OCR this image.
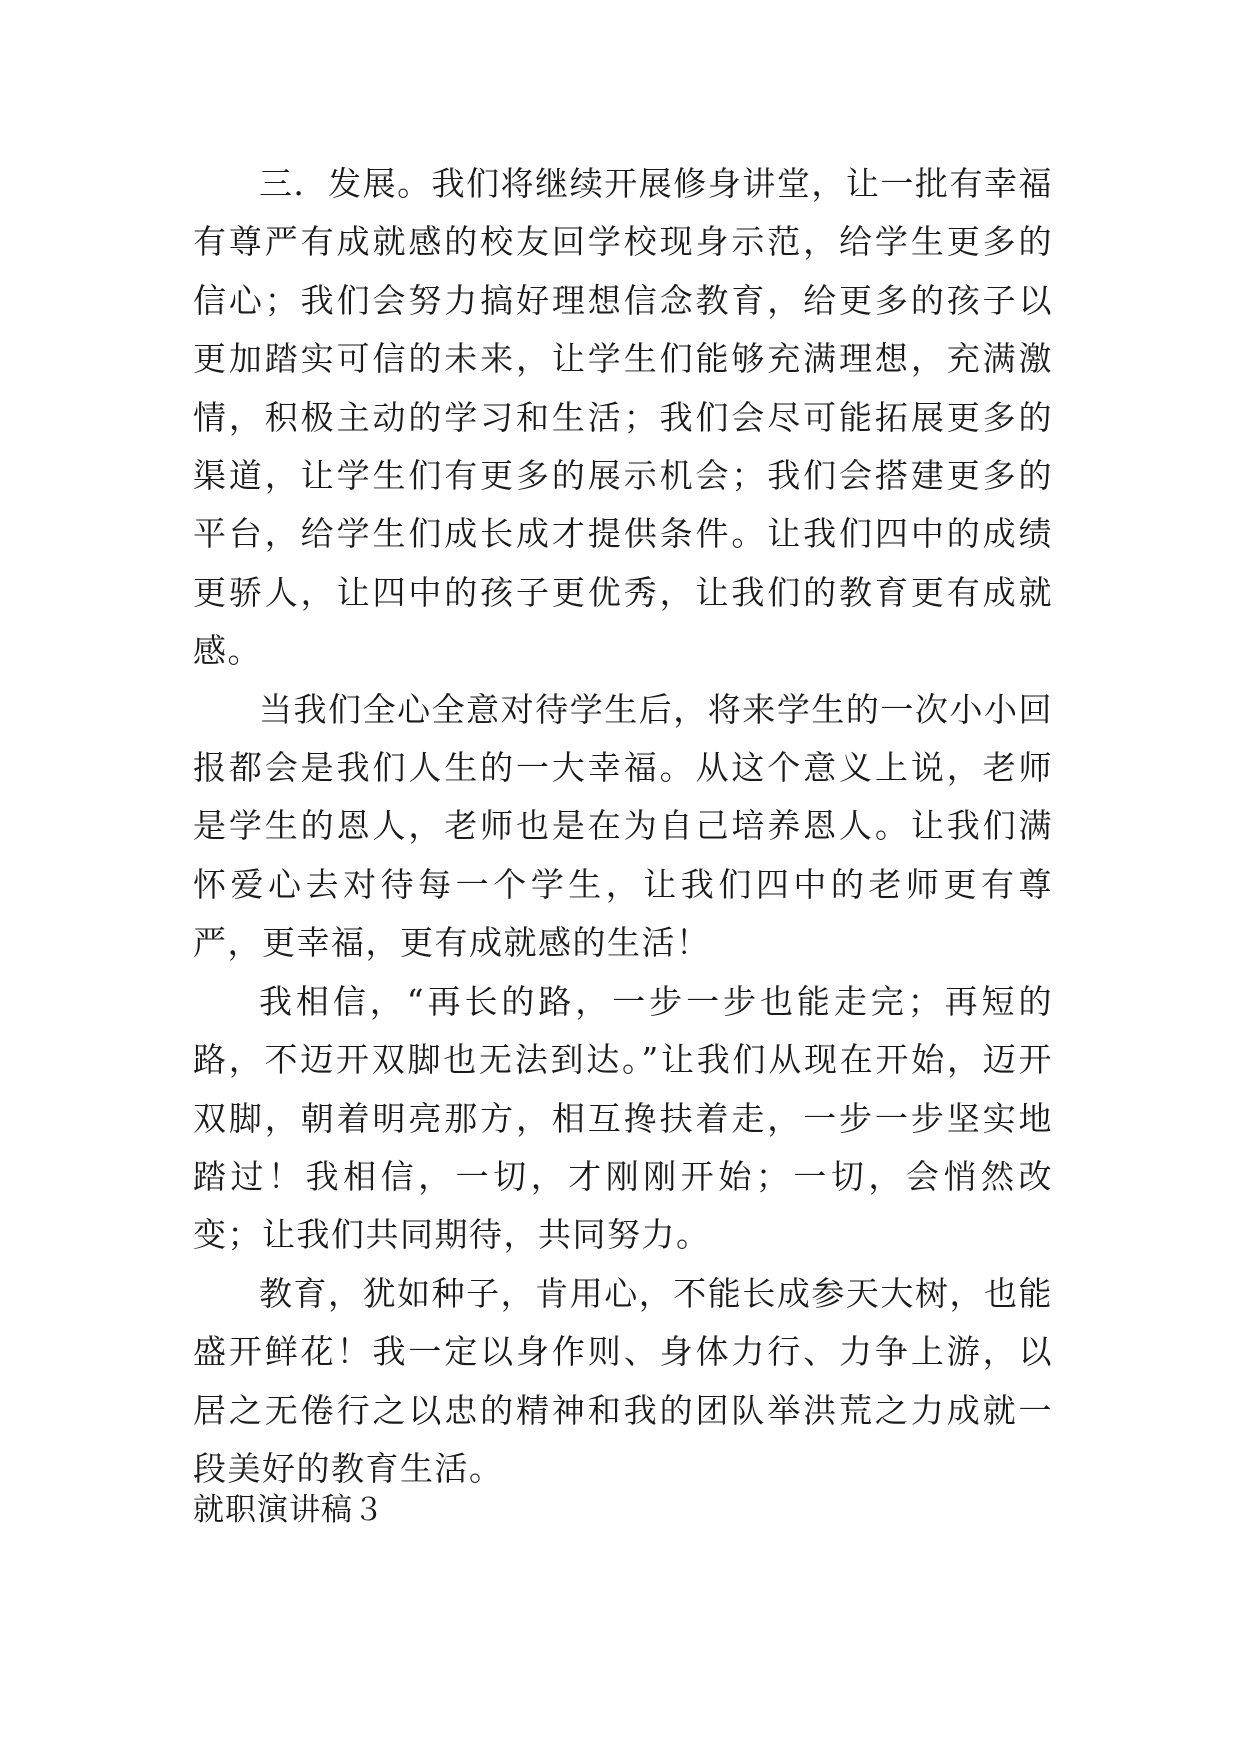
三．发展。我们将继续开展修身讲堂，让一批有幸福有尊严有成就感的校友回学校现身示范，给学生更多的信心；我们会努力搞好理想信念教育，给更多的孩子以更加踏实可信的未来，让学生们能够充满理想，充满激情，积极主动的学习和生活；我们会尽可能拓展更多的渠道，让学生们有更多的展示机会；我们会搭建更多的平台，给学生们成长成才提供条件。让我们四中的成绩更骄人，让四中的孩子更优秀，让我们的教育更有成就感。

当我们全心全意对待学生后，将来学生的一次小小回报都会是我们人生的一大幸福。从这个意义上说，老师是学生的恩人，老师也是在为自己培养恩人。让我们满怀爱心去对待每一个学生，让我们四中的老师更有尊严，更幸福，更有成就感的生活！

我相信，“再长的路，一步一步也能走完；再短的路，不迈开双脚也无法到达。”让我们从现在开始，迈开双脚，朝着明亮那方，相互搀扶着走，一步一步坚实地踏过！我相信，一切，才刚刚开始；一切，会悄然改变；让我们共同期待，共同努力。

教育，犹如种子，肯用心，不能长成参天大树，也能盛开鲜花！我一定以身作则、身体力行、力争上游，以居之无倦行之以忠的精神和我的团队举洪荒之力成就一段美好的教育生活。

就职演讲稿３
